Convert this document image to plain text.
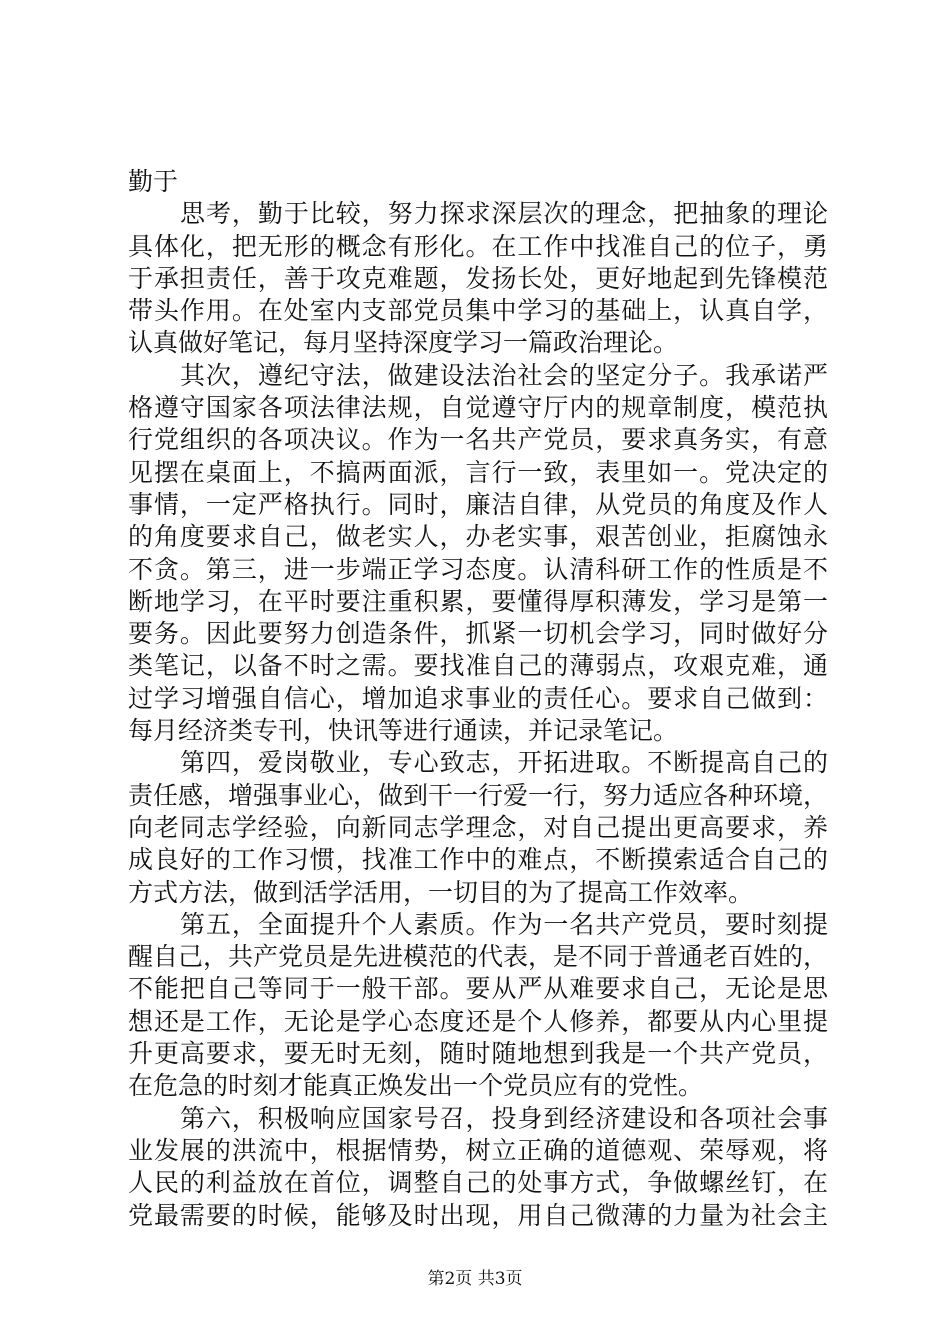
勤于
思考，勤于比较，努力探求深层次的理念，把抽象的理论
具体化，把无形的概念有形化。在工作中找准自己的位子，勇
于承担责任，善于攻克难题，发扬长处，更好地起到先锋模范
带头作用。在处室内支部党员集中学习的基础上，认真自学，
认真做好笔记，每月坚持深度学习一篇政治理论。
其次，遵纪守法，做建设法治社会的坚定分子。我承诺严
格遵守国家各项法律法规，自觉遵守厅内的规章制度，模范执
行党组织的各项决议。作为一名共产党员，要求真务实，有意
见摆在桌面上，不搞两面派，言行一致，表里如一。党决定的
事情，一定严格执行。同时，廉洁自律，从党员的角度及作人
的角度要求自己，做老实人，办老实事，艰苦创业，拒腐蚀永
不贪。第三，进一步端正学习态度。认清科研工作的性质是不
断地学习，在平时要注重积累，要懂得厚积薄发，学习是第一
要务。因此要努力创造条件，抓紧一切机会学习，同时做好分
类笔记，以备不时之需。要找准自己的薄弱点，攻艰克难，通
过学习增强自信心，增加追求事业的责任心。要求自己做到：
每月经济类专刊，快讯等进行通读，并记录笔记。
第四，爱岗敬业，专心致志，开拓进取。不断提高自己的
责任感，增强事业心，做到干一行爱一行，努力适应各种环境，
向老同志学经验，向新同志学理念，对自己提出更高要求，养
成良好的工作习惯，找准工作中的难点，不断摸索适合自己的
方式方法，做到活学活用，一切目的为了提高工作效率。
第五，全面提升个人素质。作为一名共产党员，要时刻提
醒自己，共产党员是先进模范的代表，是不同于普通老百姓的，
不能把自己等同于一般干部。要从严从难要求自己，无论是思
想还是工作，无论是学心态度还是个人修养，都要从内心里提
升更高要求，要无时无刻，随时随地想到我是一个共产党员，
在危急的时刻才能真正焕发出一个党员应有的党性。
第六，积极响应国家号召，投身到经济建设和各项社会事
业发展的洪流中，根据情势，树立正确的道德观、荣辱观，将
人民的利益放在首位，调整自己的处事方式，争做螺丝钉，在
党最需要的时候，能够及时出现，用自己微薄的力量为社会主
第2页 共3页
